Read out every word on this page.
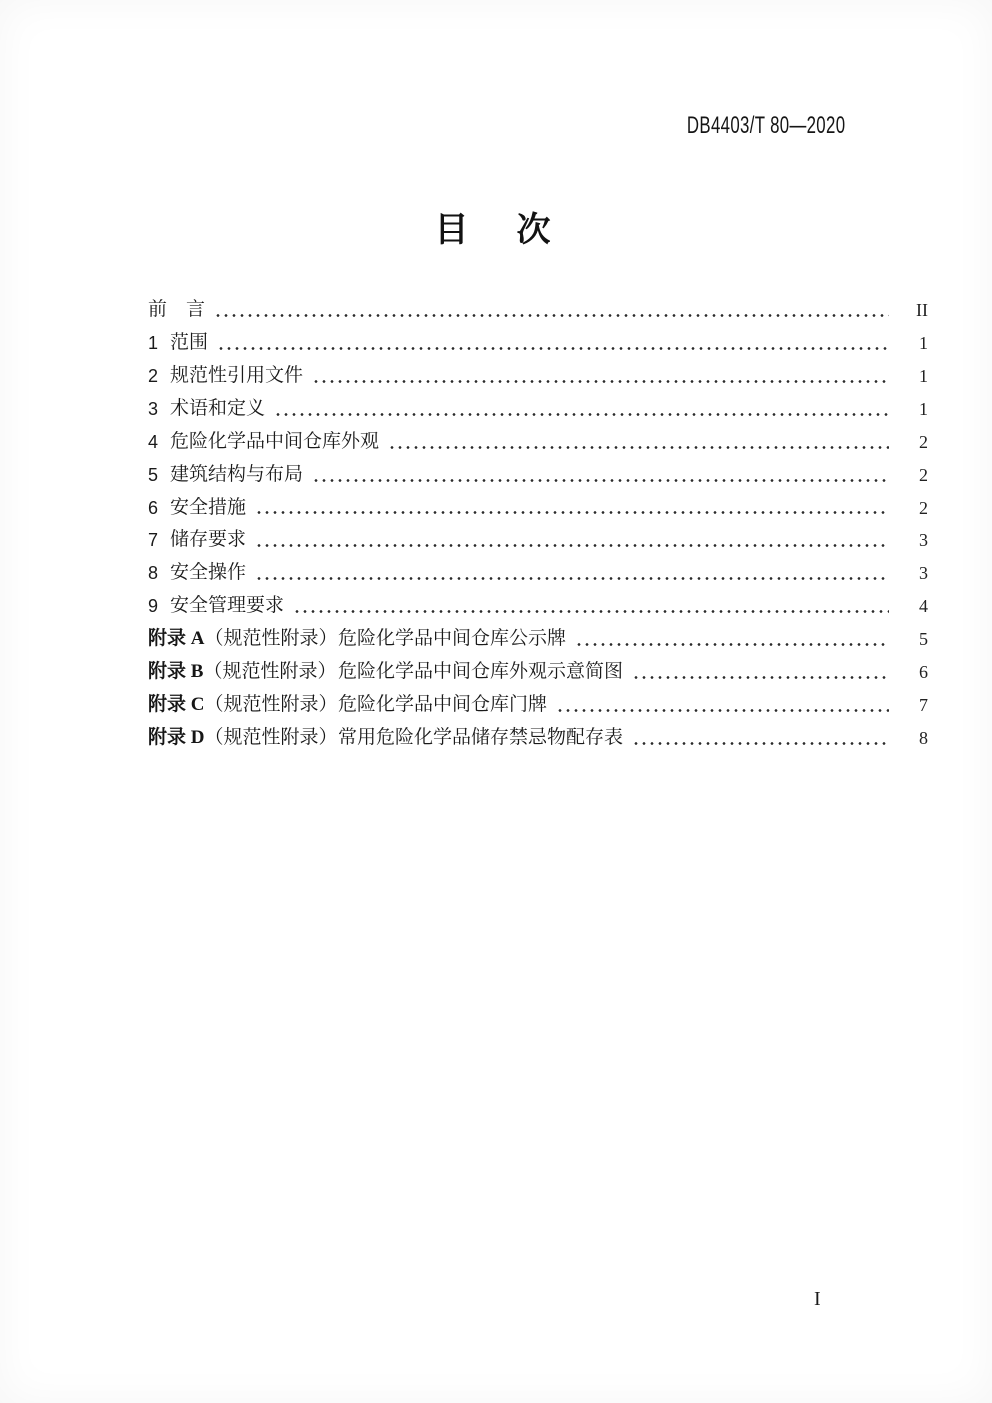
DB4403/T 80—2020
目　次
前　言	II
1 范围	1
2 规范性引用文件	1
3 术语和定义	1
4 危险化学品中间仓库外观	2
5 建筑结构与布局	2
6 安全措施	2
7 储存要求	3
8 安全操作	3
9 安全管理要求	4
附录 A（规范性附录） 危险化学品中间仓库公示牌	5
附录 B（规范性附录） 危险化学品中间仓库外观示意简图	6
附录 C（规范性附录） 危险化学品中间仓库门牌	7
附录 D（规范性附录） 常用危险化学品储存禁忌物配存表	8
I
